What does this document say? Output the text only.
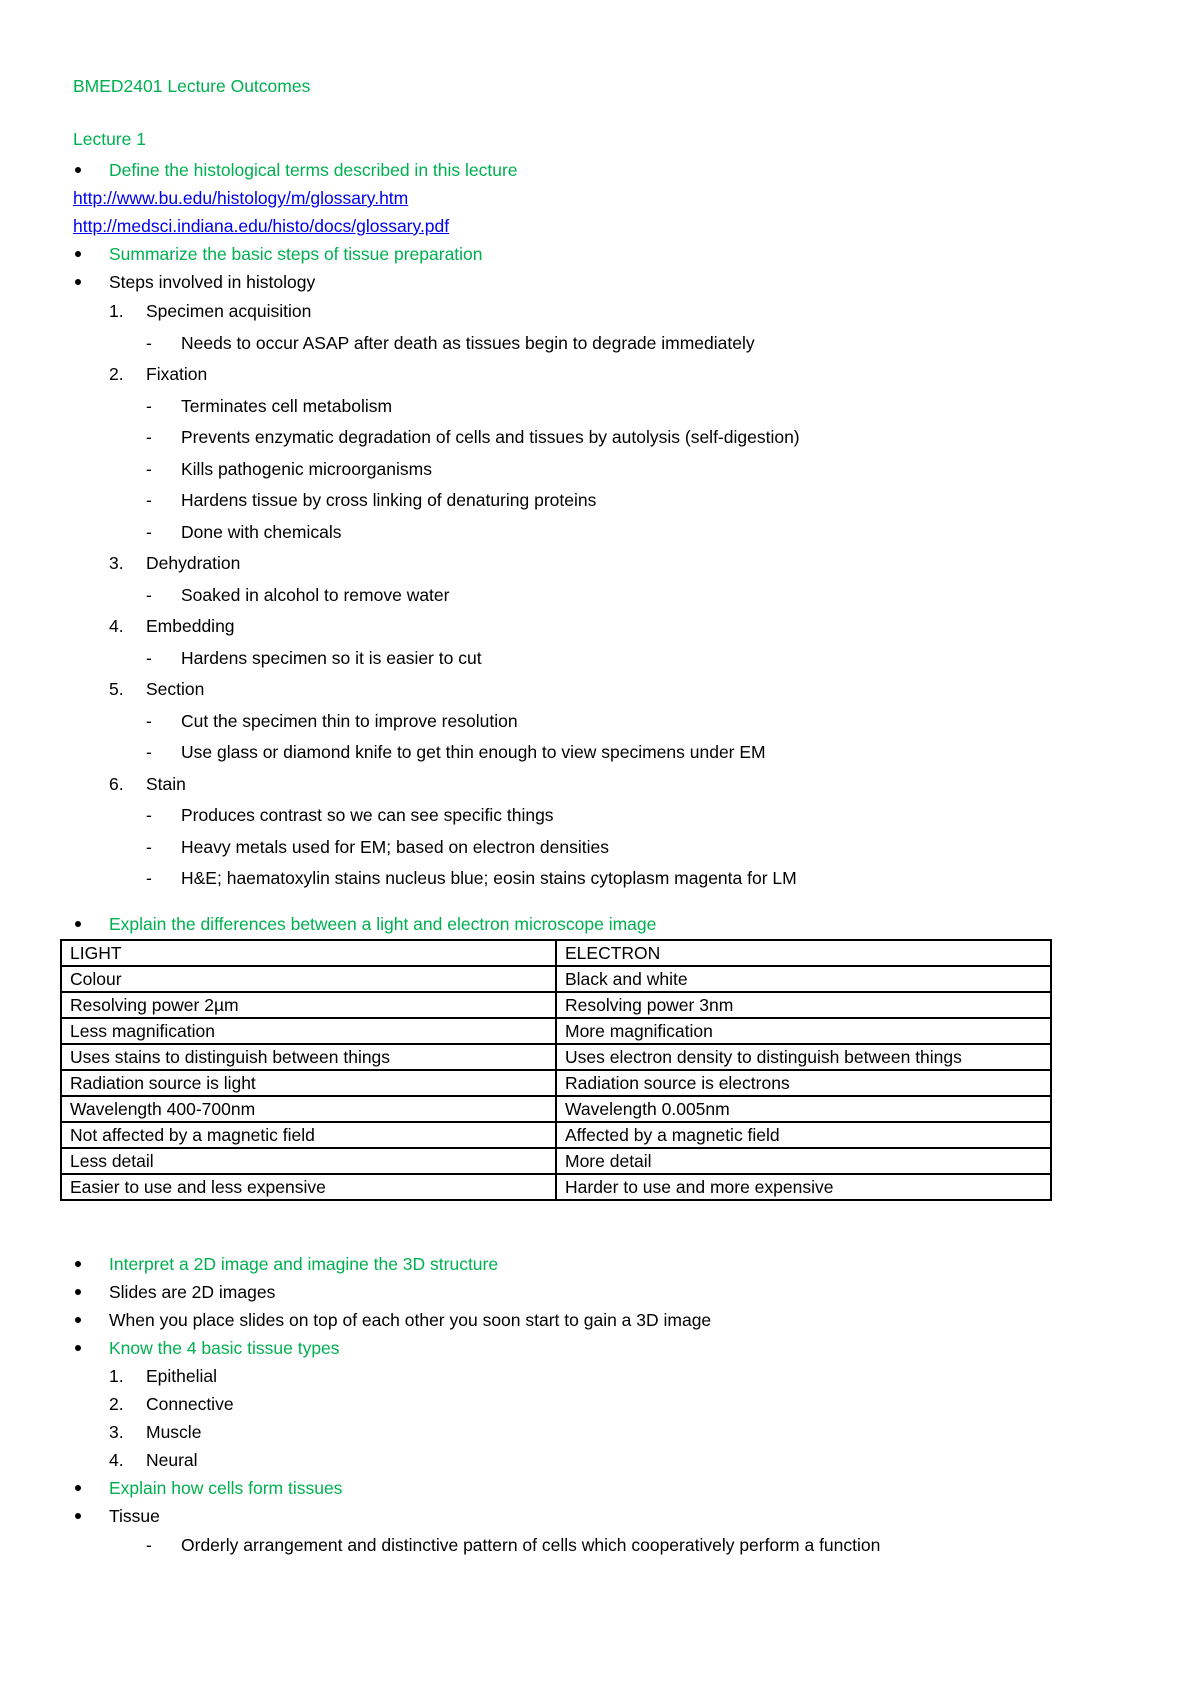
BMED2401 Lecture Outcomes
Lecture 1
Define the histological terms described in this lecture
http://www.bu.edu/histology/m/glossary.htm
http://medsci.indiana.edu/histo/docs/glossary.pdf
Summarize the basic steps of tissue preparation
Steps involved in histology
1.	Specimen acquisition
- Needs to occur ASAP after death as tissues begin to degrade immediately
2.	Fixation
- Terminates cell metabolism
- Prevents enzymatic degradation of cells and tissues by autolysis (self-digestion)
- Kills pathogenic microorganisms
- Hardens tissue by cross linking of denaturing proteins
- Done with chemicals
3.	Dehydration
- Soaked in alcohol to remove water
4.	Embedding
- Hardens specimen so it is easier to cut
5.	Section
- Cut the specimen thin to improve resolution
- Use glass or diamond knife to get thin enough to view specimens under EM
6.	Stain
- Produces contrast so we can see specific things
- Heavy metals used for EM; based on electron densities
- H&E; haematoxylin stains nucleus blue; eosin stains cytoplasm magenta for LM
Explain the differences between a light and electron microscope image
LIGHT	ELECTRON
Colour	Black and white
Resolving power 2µm	Resolving power 3nm
Less magnification	More magnification
Uses stains to distinguish between things	Uses electron density to distinguish between things
Radiation source is light	Radiation source is electrons
Wavelength 400-700nm	Wavelength 0.005nm
Not affected by a magnetic field	Affected by a magnetic field
Less detail	More detail
Easier to use and less expensive	Harder to use and more expensive
Interpret a 2D image and imagine the 3D structure
Slides are 2D images
When you place slides on top of each other you soon start to gain a 3D image
Know the 4 basic tissue types
1.	Epithelial
2.	Connective
3.	Muscle
4.	Neural
Explain how cells form tissues
Tissue
- Orderly arrangement and distinctive pattern of cells which cooperatively perform a function
